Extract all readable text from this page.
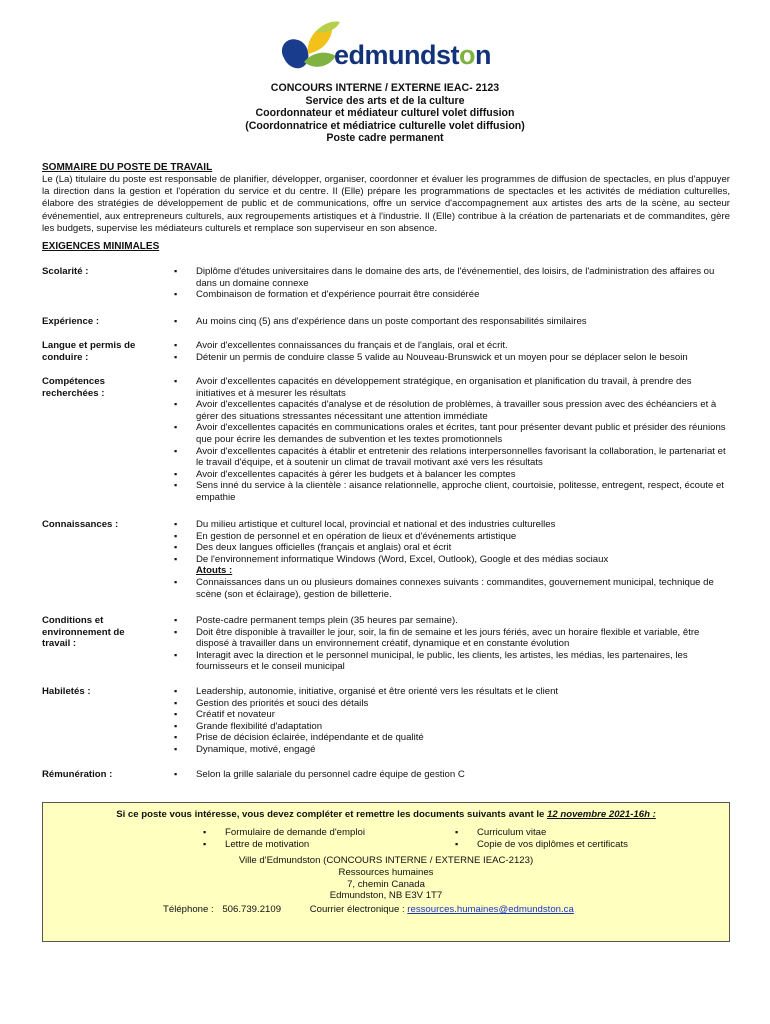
edmundston
CONCOURS INTERNE / EXTERNE IEAC- 2123
Service des arts et de la culture
Coordonnateur et médiateur culturel volet diffusion
(Coordonnatrice et médiatrice culturelle volet diffusion)
Poste cadre permanent
SOMMAIRE DU POSTE DE TRAVAIL
Le (La) titulaire du poste est responsable de planifier, développer, organiser, coordonner et évaluer les programmes de diffusion de spectacles, en plus d'appuyer la direction dans la gestion et l'opération du service et du centre. Il (Elle) prépare les programmations de spectacles et les activités de médiation culturelles, élabore des stratégies de développement de public et de communications, offre un service d'accompagnement aux artistes des arts de la scène, au secteur événementiel, aux entrepreneurs culturels, aux regroupements artistiques et à l'industrie. Il (Elle) contribue à la création de partenariats et de commandites, gère les budgets, supervise les médiateurs culturels et remplace son superviseur en son absence.
EXIGENCES MINIMALES
Scolarité :	▪ Diplôme d'études universitaires dans le domaine des arts, de l'événementiel, des loisirs, de l'administration des affaires ou dans un domaine connexe
▪ Combinaison de formation et d'expérience pourrait être considérée
Expérience :	▪ Au moins cinq (5) ans d'expérience dans un poste comportant des responsabilités similaires
Langue et permis de conduire :
▪ Avoir d'excellentes connaissances du français et de l'anglais, oral et écrit.
▪ Détenir un permis de conduire classe 5 valide au Nouveau-Brunswick et un moyen pour se déplacer selon le besoin
Compétences recherchées :
▪ Avoir d'excellentes capacités en développement stratégique, en organisation et planification du travail, à prendre des initiatives et à mesurer les résultats
▪ Avoir d'excellentes capacités d'analyse et de résolution de problèmes, à travailler sous pression avec des échéanciers et à gérer des situations stressantes nécessitant une attention immédiate
▪ Avoir d'excellentes capacités en communications orales et écrites, tant pour présenter devant public et présider des réunions que pour écrire les demandes de subvention et les textes promotionnels
▪ Avoir d'excellentes capacités à établir et entretenir des relations interpersonnelles favorisant la collaboration, le partenariat et le travail d'équipe, et à soutenir un climat de travail motivant axé vers les résultats
▪ Avoir d'excellentes capacités à gérer les budgets et à balancer les comptes
▪ Sens inné du service à la clientèle : aisance relationnelle, approche client, courtoisie, politesse, entregent, respect, écoute et empathie
Connaissances :	▪ Du milieu artistique et culturel local, provincial et national et des industries culturelles
▪ En gestion de personnel et en opération de lieux et d'événements artistique
▪ Des deux langues officielles (français et anglais) oral et écrit
▪ De l'environnement informatique Windows (Word, Excel, Outlook), Google et des médias sociaux
Atouts :
▪ Connaissances dans un ou plusieurs domaines connexes suivants : commandites, gouvernement municipal, technique de scène (son et éclairage), gestion de billetterie.
Conditions et environnement de travail :
▪ Poste-cadre permanent temps plein (35 heures par semaine).
▪ Doit être disponible à travailler le jour, soir, la fin de semaine et les jours fériés, avec un horaire flexible et variable, être disposé à travailler dans un environnement créatif, dynamique et en constante évolution
▪ Interagit avec la direction et le personnel municipal, le public, les clients, les artistes, les médias, les partenaires, les fournisseurs et le conseil municipal
Habiletés :	▪ Leadership, autonomie, initiative, organisé et être orienté vers les résultats et le client
▪ Gestion des priorités et souci des détails
▪ Créatif et novateur
▪ Grande flexibilité d'adaptation
▪ Prise de décision éclairée, indépendante et de qualité
▪ Dynamique, motivé, engagé
Rémunération :	▪ Selon la grille salariale du personnel cadre équipe de gestion C
Si ce poste vous intéresse, vous devez compléter et remettre les documents suivants avant le 12 novembre 2021-16h :
▪ Formulaire de demande d'emploi
▪ Lettre de motivation
▪ Curriculum vitae
▪ Copie de vos diplômes et certificats
Ville d'Edmundston (CONCOURS INTERNE / EXTERNE IEAC-2123)
Ressources humaines
7, chemin Canada
Edmundston, NB E3V 1T7
Téléphone : 506.739.2109	Courrier électronique : ressources.humaines@edmundston.ca
